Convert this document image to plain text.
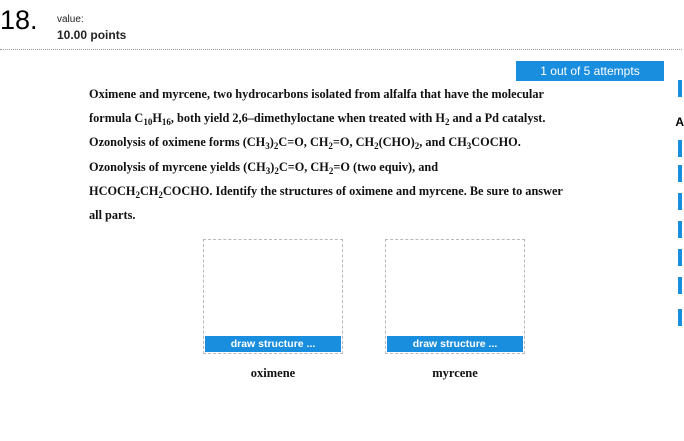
18. value:
10.00 points
1 out of 5 attempts

Oximene and myrcene, two hydrocarbons isolated from alfalfa that have the molecular

formula $C_{10}H_{16}$, both yield 2,6–dimethyloctane when treated with $H_2$ and a Pd catalyst.

Ozonolysis of oximene forms $(CH_3)_2C=O$, $CH_2=O$, $CH_2(CHO)_2$, and $CH_3COCHO$.

Ozonolysis of myrcene yields $(CH_3)_2C=O$, $CH_2=O$ (two equiv), and

$HCOCH_2CH_2COCHO$. Identify the structures of oximene and myrcene. Be sure to answer

all parts.

draw structure ...
oximene
draw structure ...
myrcene
A
